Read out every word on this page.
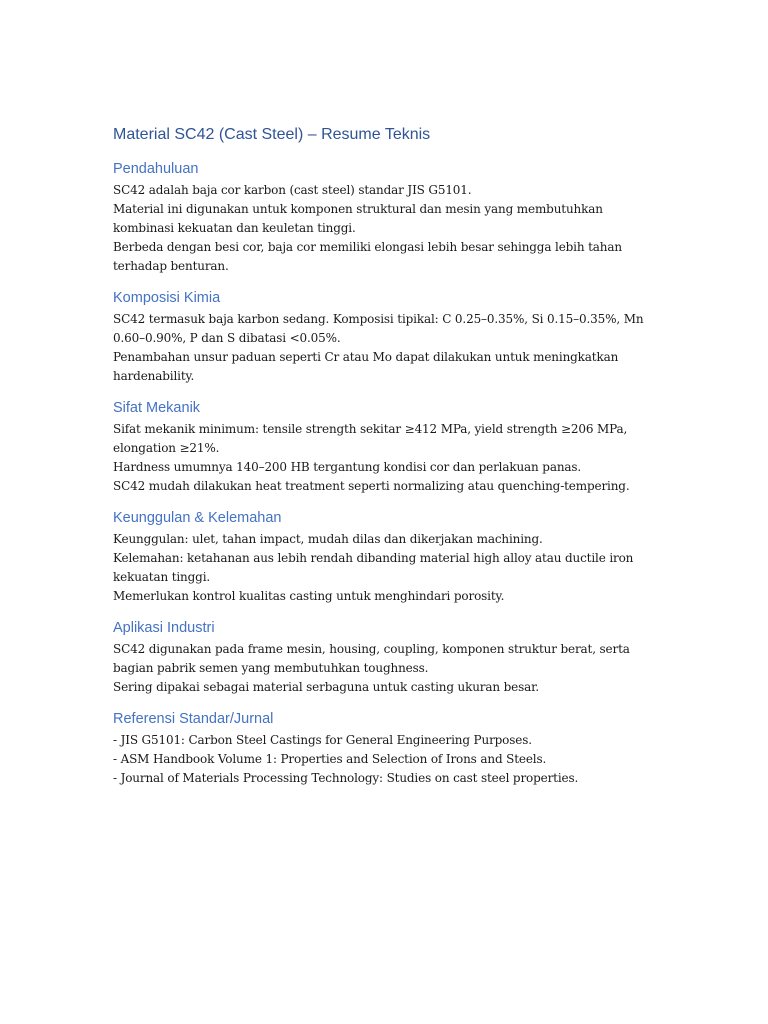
Material SC42 (Cast Steel) – Resume Teknis
Pendahuluan

SC42 adalah baja cor karbon (cast steel) standar JIS G5101.

Material ini digunakan untuk komponen struktural dan mesin yang membutuhkan kombinasi kekuatan dan keuletan tinggi.

Berbeda dengan besi cor, baja cor memiliki elongasi lebih besar sehingga lebih tahan terhadap benturan.

Komposisi Kimia

SC42 termasuk baja karbon sedang. Komposisi tipikal: C 0.25–0.35%, Si 0.15–0.35%, Mn 0.60–0.90%, P dan S dibatasi <0.05%.

Penambahan unsur paduan seperti Cr atau Mo dapat dilakukan untuk meningkatkan hardenability.

Sifat Mekanik

Sifat mekanik minimum: tensile strength sekitar ≥412 MPa, yield strength ≥206 MPa, elongation ≥21%.

Hardness umumnya 140–200 HB tergantung kondisi cor dan perlakuan panas.

SC42 mudah dilakukan heat treatment seperti normalizing atau quenching-tempering.

Keunggulan & Kelemahan

Keunggulan: ulet, tahan impact, mudah dilas dan dikerjakan machining.

Kelemahan: ketahanan aus lebih rendah dibanding material high alloy atau ductile iron kekuatan tinggi.

Memerlukan kontrol kualitas casting untuk menghindari porosity.

Aplikasi Industri

SC42 digunakan pada frame mesin, housing, coupling, komponen struktur berat, serta bagian pabrik semen yang membutuhkan toughness.

Sering dipakai sebagai material serbaguna untuk casting ukuran besar.

Referensi Standar/Jurnal

- JIS G5101: Carbon Steel Castings for General Engineering Purposes.

- ASM Handbook Volume 1: Properties and Selection of Irons and Steels.

- Journal of Materials Processing Technology: Studies on cast steel properties.
